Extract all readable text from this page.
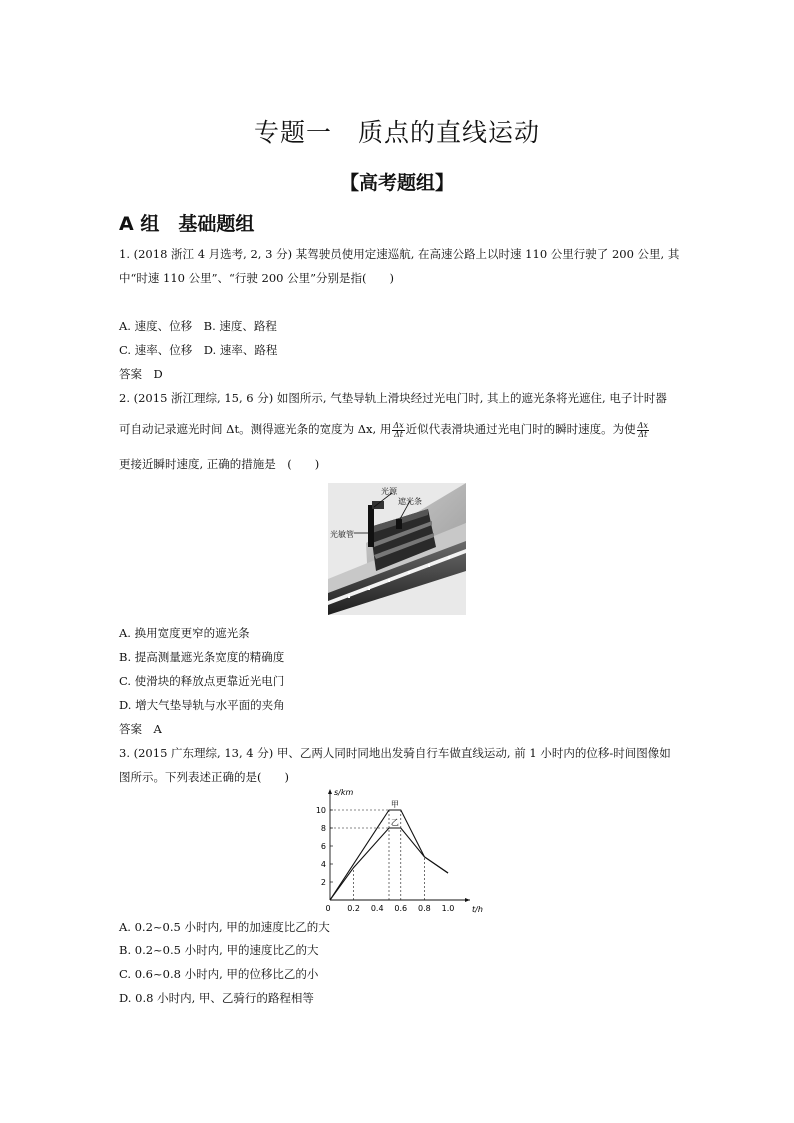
专题一　质点的直线运动
【高考题组】
A 组　基础题组
1. (2018 浙江 4 月选考, 2, 3 分) 某驾驶员使用定速巡航, 在高速公路上以时速 110 公里行驶了 200 公里, 其
中“时速 110 公里”、“行驶 200 公里”分别是指(　　)
A. 速度、位移　B. 速度、路程
C. 速率、位移　D. 速率、路程
答案　D
2. (2015 浙江理综, 15, 6 分) 如图所示, 气垫导轨上滑块经过光电门时, 其上的遮光条将光遮住, 电子计时器
可自动记录遮光时间 Δt。测得遮光条的宽度为 Δx, 用 $\frac{\Delta x}{\Delta t}$ 近似代表滑块通过光电门时的瞬时速度。为使 $\frac{\Delta x}{\Delta t}$
更接近瞬时速度, 正确的措施是　(　　)
光源
遮光条
光敏管
A. 换用宽度更窄的遮光条
B. 提高测量遮光条宽度的精确度
C. 使滑块的释放点更靠近光电门
D. 增大气垫导轨与水平面的夹角
答案　A
3. (2015 广东理综, 13, 4 分) 甲、乙两人同时同地出发骑自行车做直线运动, 前 1 小时内的位移-时间图像如
图所示。下列表述正确的是(　　)
t/h
s/km
0 0.2 0.4 0.6 0.8 1.0
2
4
6
8
10
甲
乙
A. 0.2~0.5 小时内, 甲的加速度比乙的大
B. 0.2~0.5 小时内, 甲的速度比乙的大
C. 0.6~0.8 小时内, 甲的位移比乙的小
D. 0.8 小时内, 甲、乙骑行的路程相等
